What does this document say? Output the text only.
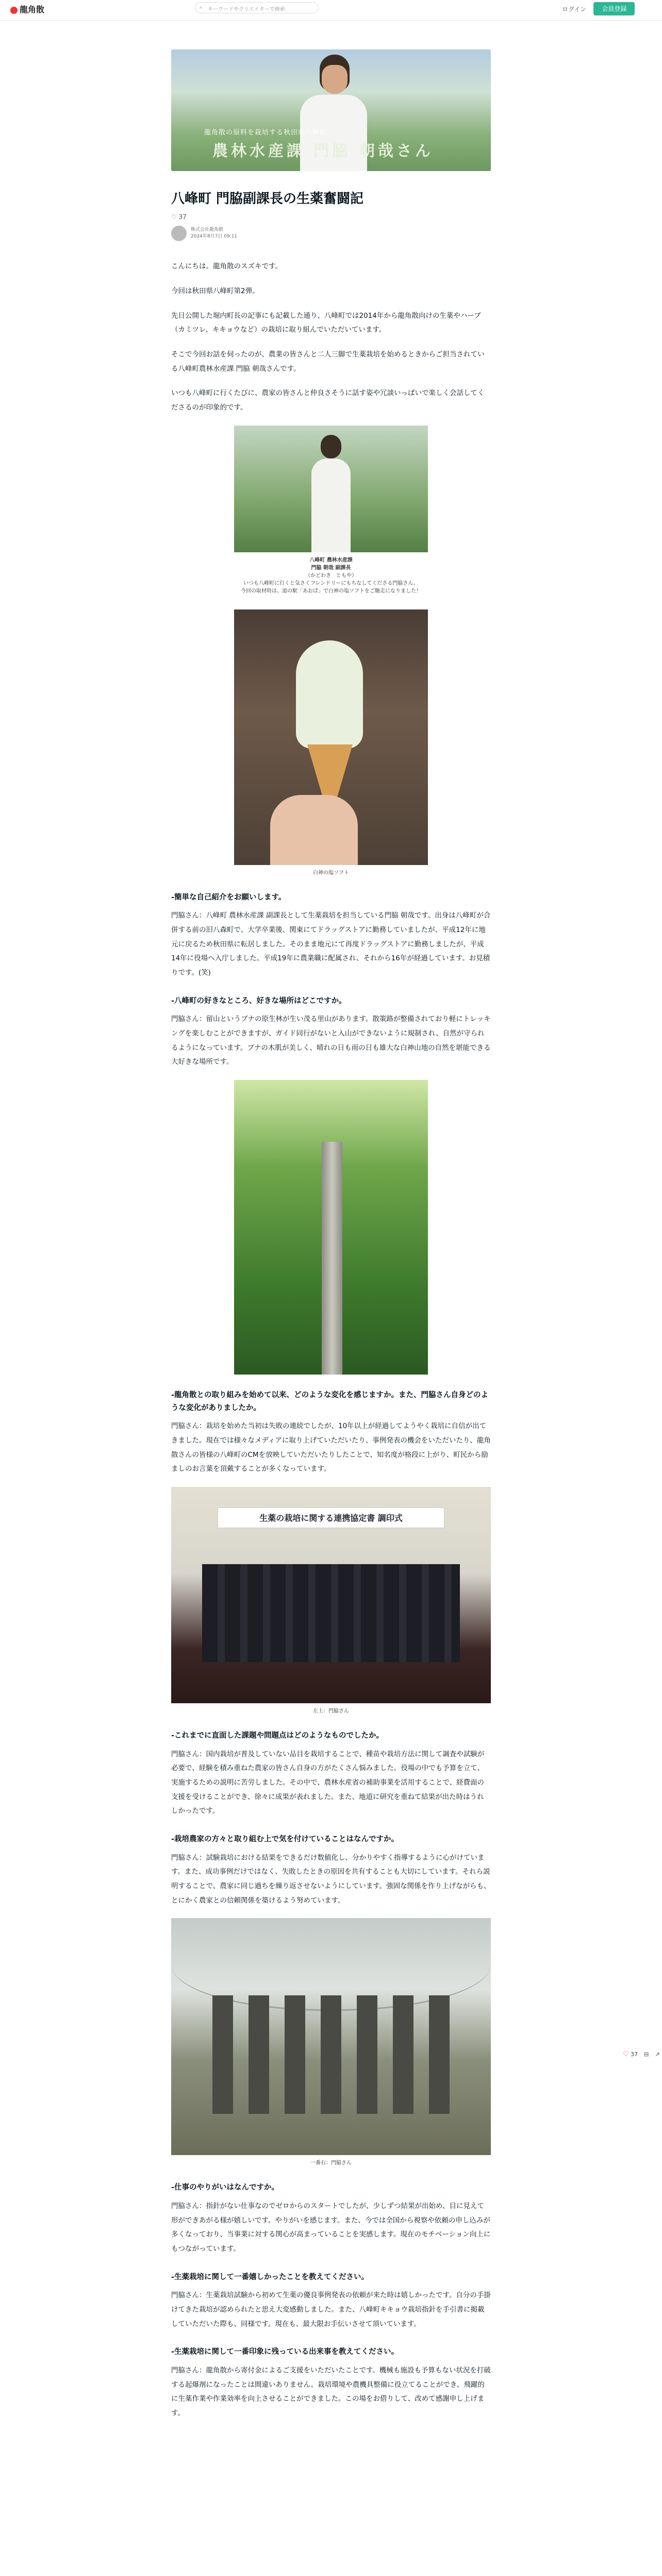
龍角散	⌕ キーワードやクリエイターで検索	ログイン	会員登録
龍角散の原料を栽培する秋田県八峰町
農林水産課 門脇 朝哉さん
八峰町 門脇副課長の生薬奮闘記
♡ 37
株式会社龍角散
2024年8月7日 09:11

こんにちは。龍角散のスズキです。

今回は秋田県八峰町第2弾。

先日公開した堀内町長の記事にも記載した通り、八峰町では2014年から龍角散向けの生薬やハーブ（カミツレ、キキョウなど）の栽培に取り組んでいただいています。

そこで今回お話を伺ったのが、農業の皆さんと二人三脚で生薬栽培を始めるときからご担当されている八峰町農林水産課 門脇 朝哉さんです。

いつも八峰町に行くたびに、農家の皆さんと仲良さそうに話す姿や冗談いっぱいで楽しく会話してくださるのが印象的です。

八峰町 農林水産課
門脇 朝哉 副課長
（かどわき　ともや）
いつも八峰町に行くと気さくフレンドリーにもちなしてくださる門脇さん。
今回の取材時は、道の駅「あおば」で白神の塩ソフトをご馳走になりました！
白神の塩ソフト
-簡単な自己紹介をお願いします。

門脇さん：八峰町 農林水産課 副課長として生薬栽培を担当している門脇 朝哉です。出身は八峰町が合併する前の旧八森町で、大学卒業後、関東にてドラッグストアに勤務していましたが、平成12年に地元に戻るため秋田県に転居しました。そのまま地元にて再度ドラッグストアに勤務しましたが、平成14年に役場へ入庁しました。平成19年に農業職に配属され、それから16年が経過しています。お見積りです。(笑)

-八峰町の好きなところ、好きな場所はどこですか。

門脇さん：留山というブナの原生林が生い茂る里山があります。散策路が整備されており軽にトレッキングを楽しむことができますが、ガイド同行がないと入山ができないように規制され、自然が守られるようになっています。ブナの木肌が美しく、晴れの日も雨の日も雄大な白神山地の自然を堪能できる大好きな場所です。

-龍角散との取り組みを始めて以来、どのような変化を感じますか。また、門脇さん自身どのような変化がありましたか。

門脇さん：栽培を始めた当初は失敗の連続でしたが、10年以上が経過してようやく栽培に自信が出てきました。現在では様々なメディアに取り上げていただいたり、事例発表の機会をいただいたり、龍角散さんの皆様の八峰町のCMを放映していただいたりしたことで、知名度が格段に上がり、町民から励ましのお言葉を頂戴することが多くなっています。

生薬の栽培に関する連携協定書 調印式
左上：門脇さん
-これまでに直面した課題や問題点はどのようなものでしたか。

門脇さん：国内栽培が普及していない品目を栽培することで、種苗や栽培方法に関して調査や試験が必要で、経験を積み重ねた農家の皆さん自身の方がたくさん悩みました。役場の中でも予算を立て、実施するための説明に苦労しました。その中で、農林水産省の補助事業を活用することで、経費面の支援を受けることができ、徐々に成果が表れました。また、地道に研究を重ねて結果が出た時はうれしかったです。

-栽培農家の方々と取り組む上で気を付けていることはなんですか。

門脇さん：試験栽培における結果をできるだけ数値化し、分かりやすく指導するように心がけています。また、成功事例だけではなく、失敗したときの原因を共有することも大切にしています。それら説明することで、農家に同じ過ちを繰り返させないようにしています。強固な関係を作り上げながらも、とにかく農家との信頼関係を築けるよう努めています。

一番右：門脇さん
-仕事のやりがいはなんですか。

門脇さん：指針がない仕事なのでゼロからのスタートでしたが、少しずつ結果が出始め、目に見えて形ができあがる様が嬉しいです。やりがいを感じます。また、今では全国から視察や依頼の申し込みが多くなっており、当事業に対する関心が高まっていることを実感します。現在のモチベーション向上にもつながっています。

-生薬栽培に関して一番嬉しかったことを教えてください。

門脇さん：生薬栽培試験から初めて生薬の優良事例発表の依頼が来た時は嬉しかったです。自分の手掛けてきた栽培が認められたと思え大変感動しました。また、八峰町キキョウ栽培指針を手引書に掲載していただいた際も、同様です。現在も、最大限お手伝いさせて頂いています。

-生薬栽培に関して一番印象に残っている出来事を教えてください。

門脇さん：龍角散から寄付金によるご支援をいただいたことです。機械も施設も予算もない状況を打破する起爆剤になったことは間違いありません。栽培環境や農機具整備に役立てることができ、飛躍的に生薬作業や作業効率を向上させることができました。この場をお借りして、改めて感謝申し上げます。

♡ 37 ⊟ ↗
